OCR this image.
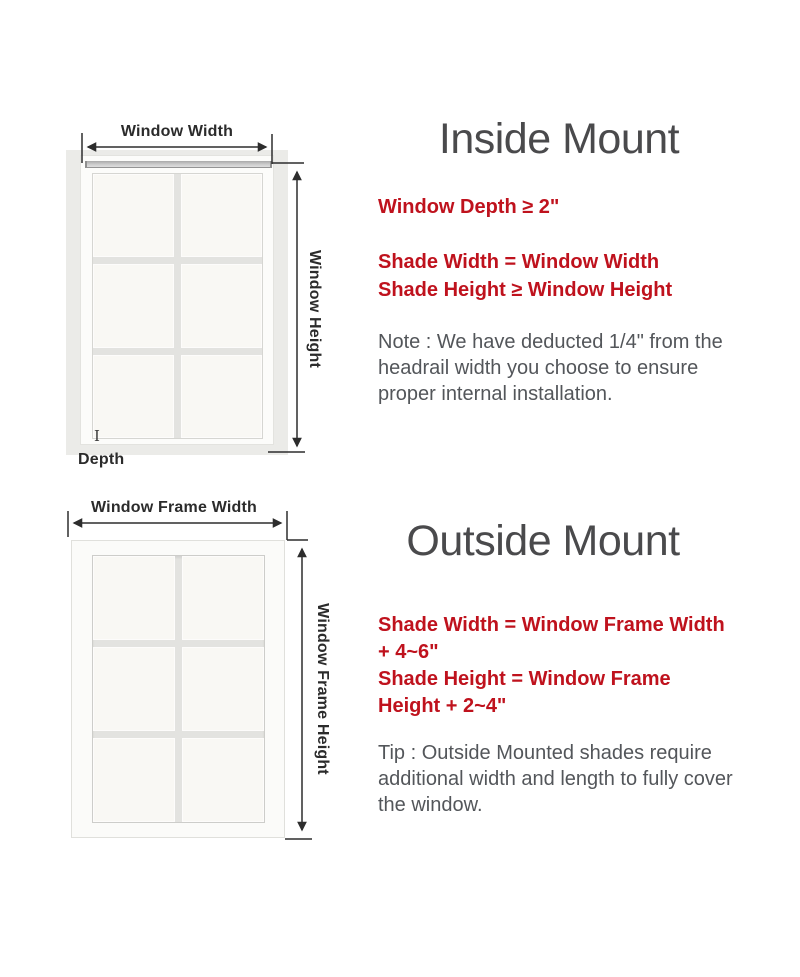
Window Width
I
Depth
Window Height
Inside Mount
Window Depth ≥ 2"
Shade Width = Window Width
Shade Height ≥ Window Height
Note : We have deducted 1/4" from the headrail width you choose to ensure proper internal installation.
Window Frame Width
Window Frame Height
Outside Mount
Shade Width = Window Frame Width
+ 4~6"
Shade Height = Window Frame
Height + 2~4"
Tip : Outside Mounted shades require additional width and length to fully cover the window.
